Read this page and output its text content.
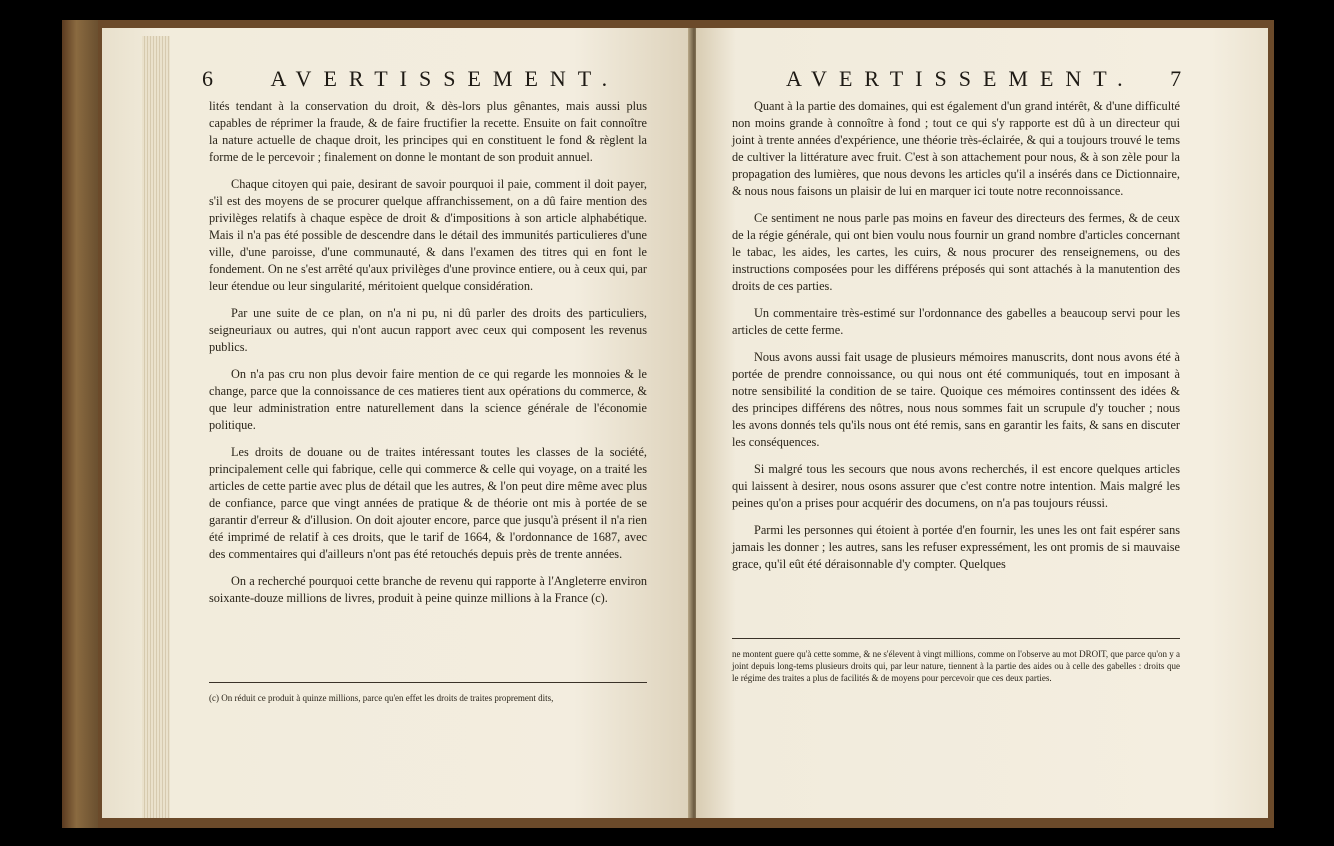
6	AVERTISSEMENT.

lités tendant à la conservation du droit, & dès-lors plus gênantes, mais aussi plus capables de réprimer la fraude, & de faire fructifier la recette. Ensuite on fait connoître la nature actuelle de chaque droit, les principes qui en constituent le fond & règlent la forme de le percevoir ; finalement on donne le montant de son produit annuel.

Chaque citoyen qui paie, desirant de savoir pourquoi il paie, comment il doit payer, s'il est des moyens de se procurer quelque affranchissement, on a dû faire mention des privilèges relatifs à chaque espèce de droit & d'impositions à son article alphabétique. Mais il n'a pas été possible de descendre dans le détail des immunités particulieres d'une ville, d'une paroisse, d'une communauté, & dans l'examen des titres qui en font le fondement. On ne s'est arrêté qu'aux privilèges d'une province entiere, ou à ceux qui, par leur étendue ou leur singularité, méritoient quelque considération.

Par une suite de ce plan, on n'a ni pu, ni dû parler des droits des particuliers, seigneuriaux ou autres, qui n'ont aucun rapport avec ceux qui composent les revenus publics.

On n'a pas cru non plus devoir faire mention de ce qui regarde les monnoies & le change, parce que la connoissance de ces matieres tient aux opérations du commerce, & que leur administration entre naturellement dans la science générale de l'économie politique.

Les droits de douane ou de traites intéressant toutes les classes de la société, principalement celle qui fabrique, celle qui commerce & celle qui voyage, on a traité les articles de cette partie avec plus de détail que les autres, & l'on peut dire même avec plus de confiance, parce que vingt années de pratique & de théorie ont mis à portée de se garantir d'erreur & d'illusion. On doit ajouter encore, parce que jusqu'à présent il n'a rien été imprimé de relatif à ces droits, que le tarif de 1664, & l'ordonnance de 1687, avec des commentaires qui d'ailleurs n'ont pas été retouchés depuis près de trente années.

On a recherché pourquoi cette branche de revenu qui rapporte à l'Angleterre environ soixante-douze millions de livres, produit à peine quinze millions à la France (c).

(c) On réduit ce produit à quinze millions, parce qu'en effet les droits de traites proprement dits,
AVERTISSEMENT. 7

Quant à la partie des domaines, qui est également d'un grand intérêt, & d'une difficulté non moins grande à connoître à fond ; tout ce qui s'y rapporte est dû à un directeur qui joint à trente années d'expérience, une théorie très-éclairée, & qui a toujours trouvé le tems de cultiver la littérature avec fruit. C'est à son attachement pour nous, & à son zèle pour la propagation des lumières, que nous devons les articles qu'il a insérés dans ce Dictionnaire, & nous nous faisons un plaisir de lui en marquer ici toute notre reconnoissance.

Ce sentiment ne nous parle pas moins en faveur des directeurs des fermes, & de ceux de la régie générale, qui ont bien voulu nous fournir un grand nombre d'articles concernant le tabac, les aides, les cartes, les cuirs, & nous procurer des renseignemens, ou des instructions composées pour les différens préposés qui sont attachés à la manutention des droits de ces parties.

Un commentaire très-estimé sur l'ordonnance des gabelles a beaucoup servi pour les articles de cette ferme.

Nous avons aussi fait usage de plusieurs mémoires manuscrits, dont nous avons été à portée de prendre connoissance, ou qui nous ont été communiqués, tout en imposant à notre sensibilité la condition de se taire. Quoique ces mémoires continssent des idées & des principes différens des nôtres, nous nous sommes fait un scrupule d'y toucher ; nous les avons donnés tels qu'ils nous ont été remis, sans en garantir les faits, & sans en discuter les conséquences.

Si malgré tous les secours que nous avons recherchés, il est encore quelques articles qui laissent à desirer, nous osons assurer que c'est contre notre intention. Mais malgré les peines qu'on a prises pour acquérir des documens, on n'a pas toujours réussi.

Parmi les personnes qui étoient à portée d'en fournir, les unes les ont fait espérer sans jamais les donner ; les autres, sans les refuser expressément, les ont promis de si mauvaise grace, qu'il eût été déraisonnable d'y compter. Quelques

ne montent guere qu'à cette somme, & ne s'élevent à vingt millions, comme on l'observe au mot DROIT, que parce qu'on y a joint depuis long-tems plusieurs droits qui, par leur nature, tiennent à la partie des aides ou à celle des gabelles : droits que le régime des traites a plus de facilités & de moyens pour percevoir que ces deux parties.
